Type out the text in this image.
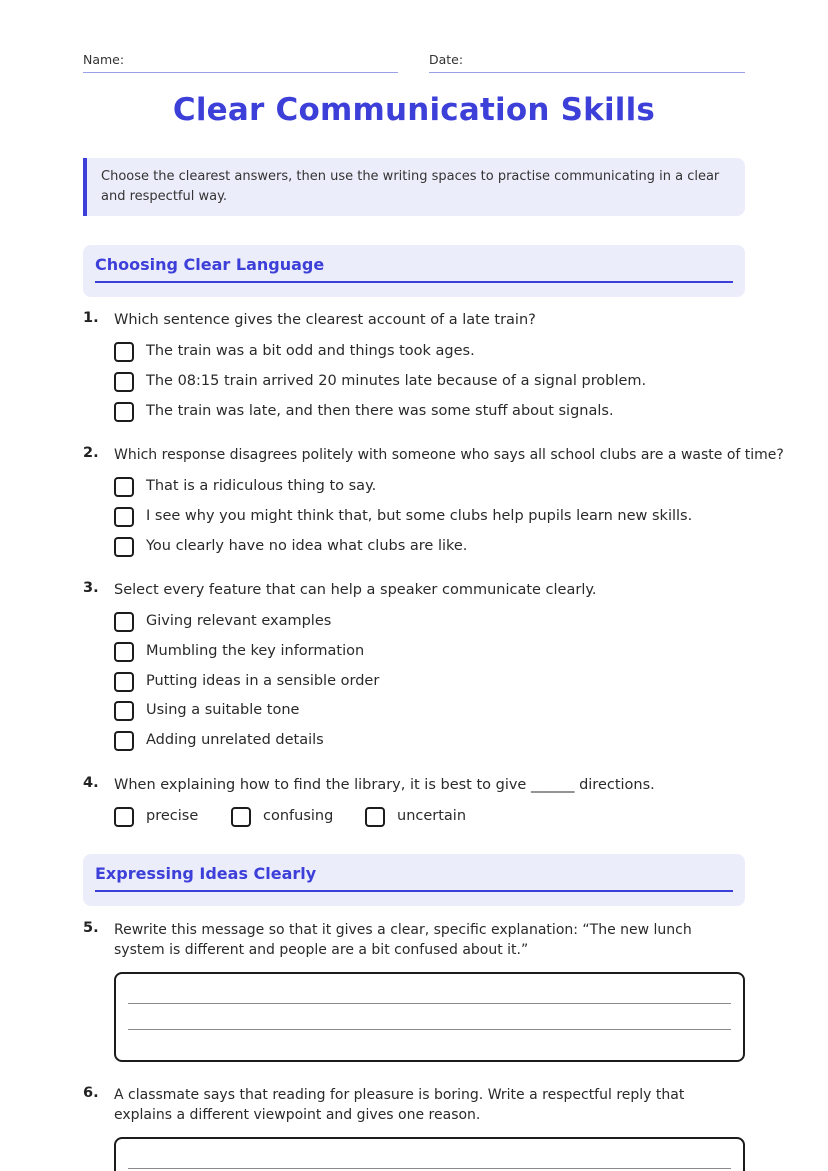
Name:	Date:
Clear Communication Skills
Choose the clearest answers, then use the writing spaces to practise communicating in a clear and respectful way.
Choosing Clear Language
1. Which sentence gives the clearest account of a late train?
The train was a bit odd and things took ages.
The 08:15 train arrived 20 minutes late because of a signal problem.
The train was late, and then there was some stuff about signals.
2. Which response disagrees politely with someone who says all school clubs are a waste of time?
That is a ridiculous thing to say.
I see why you might think that, but some clubs help pupils learn new skills.
You clearly have no idea what clubs are like.
3. Select every feature that can help a speaker communicate clearly.
Giving relevant examples
Mumbling the key information
Putting ideas in a sensible order
Using a suitable tone
Adding unrelated details
4. When explaining how to find the library, it is best to give ______ directions.
precise	confusing	uncertain
Expressing Ideas Clearly
5. Rewrite this message so that it gives a clear, specific explanation: “The new lunch system is different and people are a bit confused about it.”
6. A classmate says that reading for pleasure is boring. Write a respectful reply that explains a different viewpoint and gives one reason.
